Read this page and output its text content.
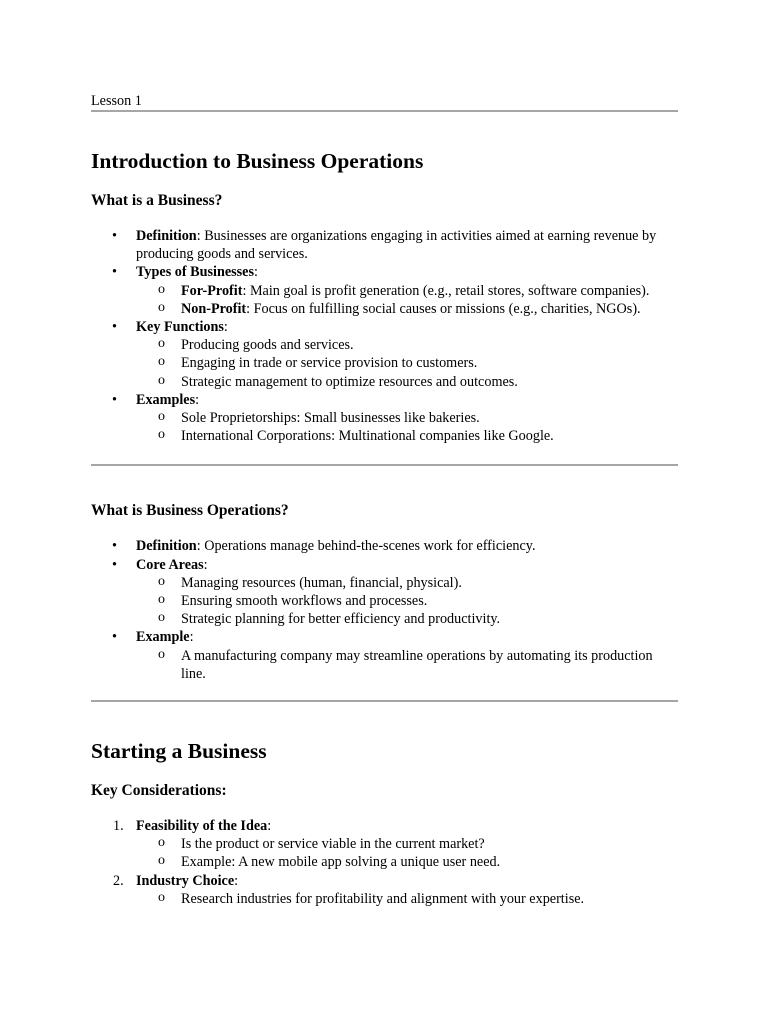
Lesson 1
Introduction to Business Operations
What is a Business?
•	Definition: Businesses are organizations engaging in activities aimed at earning revenue by producing goods and services.
•	Types of Businesses:
o For-Profit: Main goal is profit generation (e.g., retail stores, software companies).
o Non-Profit: Focus on fulfilling social causes or missions (e.g., charities, NGOs).
•	Key Functions:
o Producing goods and services.
o Engaging in trade or service provision to customers.
o Strategic management to optimize resources and outcomes.
•	Examples:
o Sole Proprietorships: Small businesses like bakeries.
o International Corporations: Multinational companies like Google.
What is Business Operations?
•	Definition: Operations manage behind-the-scenes work for efficiency.
•	Core Areas:
o Managing resources (human, financial, physical).
o Ensuring smooth workflows and processes.
o Strategic planning for better efficiency and productivity.
•	Example:
o A manufacturing company may streamline operations by automating its production line.
Starting a Business
Key Considerations:
1. Feasibility of the Idea:
o Is the product or service viable in the current market?
o Example: A new mobile app solving a unique user need.
2. Industry Choice:
o Research industries for profitability and alignment with your expertise.
